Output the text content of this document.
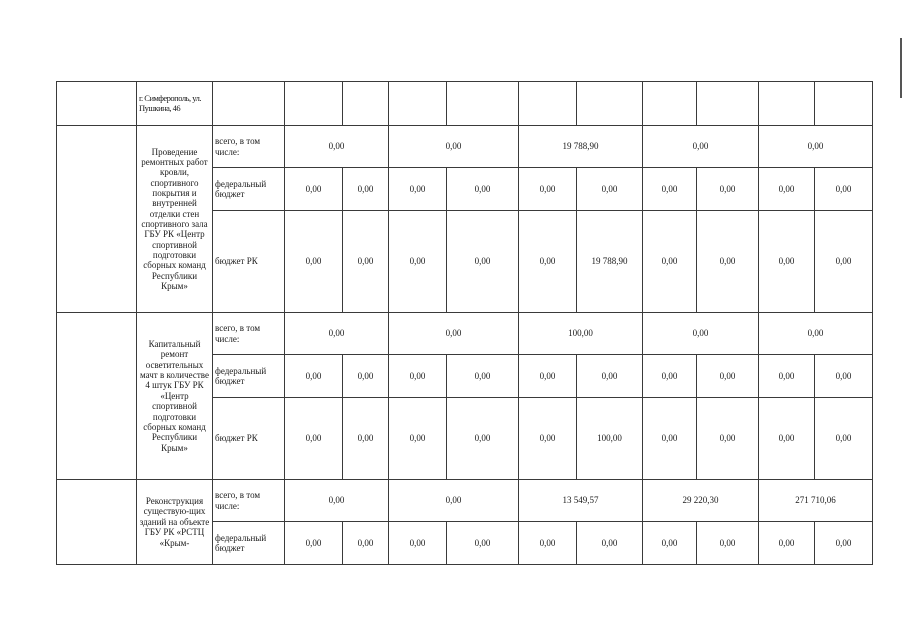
	г. Симферополь, ул. Пушкина, 46											
	Проведение ремонтных работ кровли, спортивного покрытия и внутренней отделки стен спортивного зала ГБУ РК «Центр спортивной подготовки сборных команд Республики Крым»	всего, в том числе:	0,00		0,00		19 788,90		0,00		0,00	
		федеральный бюджет	0,00	0,00	0,00	0,00	0,00	0,00	0,00	0,00	0,00	0,00
		бюджет РК	0,00	0,00	0,00	0,00	0,00	19 788,90	0,00	0,00	0,00	0,00
	Капитальный ремонт осветительных мачт в количестве 4 штук ГБУ РК «Центр спортивной подготовки сборных команд Республики Крым»	всего, в том числе:	0,00		0,00		100,00		0,00		0,00	
		федеральный бюджет	0,00	0,00	0,00	0,00	0,00	0,00	0,00	0,00	0,00	0,00
		бюджет РК	0,00	0,00	0,00	0,00	0,00	100,00	0,00	0,00	0,00	0,00
	Реконструкция существую-щих зданий на объекте ГБУ РК «РСТЦ «Крым-	всего, в том числе:	0,00		0,00		13 549,57		29 220,30		271 710,06	
		федеральный бюджет	0,00	0,00	0,00	0,00	0,00	0,00	0,00	0,00	0,00	0,00
